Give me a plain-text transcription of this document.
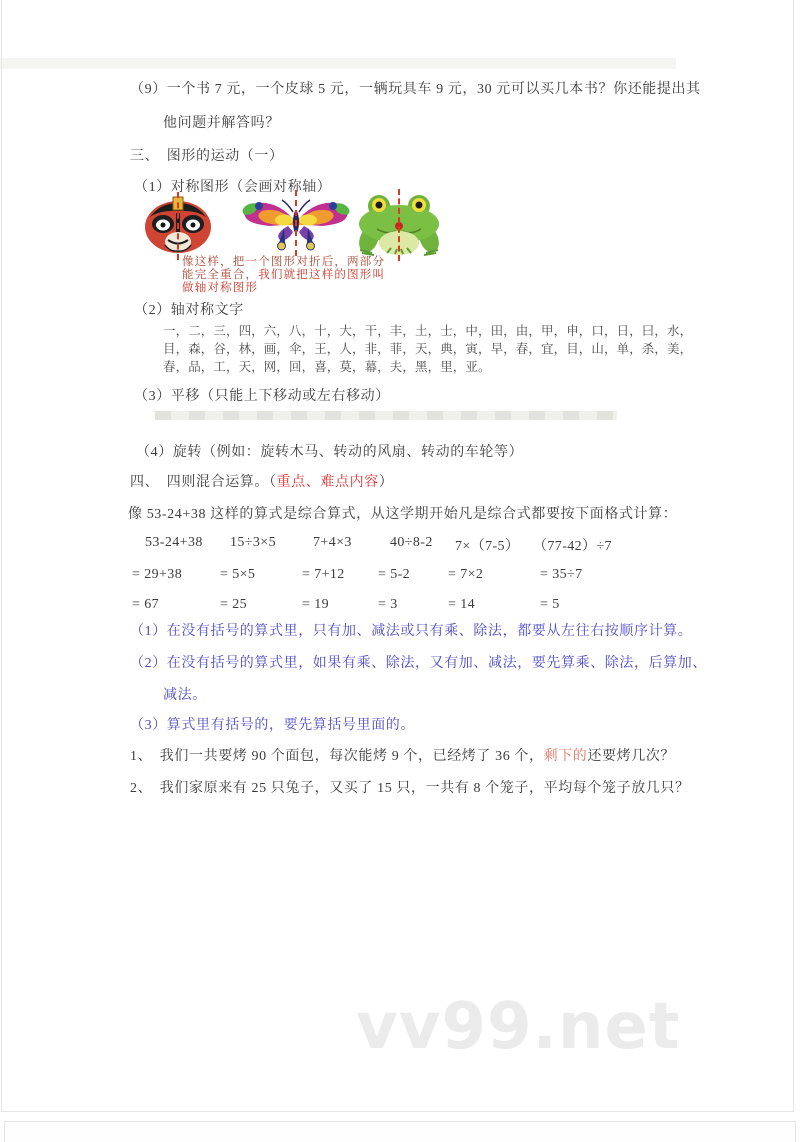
（9）一个书 7 元，一个皮球 5 元，一辆玩具车 9 元，30 元可以买几本书？你还能提出其
他问题并解答吗？
三、　图形的运动（一）
（1）对称图形（会画对称轴）
像这样，把一个图形对折后，两部分
能完全重合，我们就把这样的图形叫
做轴对称图形
（2）轴对称文字
一，二，三，四，六，八，十，大，干，丰，土，士，中，田，由，甲，申，口，日，曰，水，
目，森，谷，林，画，伞，王，人，非，菲，天，典，寅，早，春，宜，目，山，单，杀，美，
春，品，工，天，网，回，喜，莫，幕，夫，黑，里，亚。
（3）平移（只能上下移动或左右移动）
（4）旋转（例如：旋转木马、转动的风扇、转动的车轮等）
四、　四则混合运算。（重点、难点内容）
像 53-24+38 这样的算式是综合算式，从这学期开始凡是综合式都要按下面格式计算：
53-24+38 15÷3×5	7+4×3	40÷8-2 7×（7-5） （77-42）÷7
= 29+38	= 5×5	= 7+12 = 5-2	= 7×2	= 35÷7
= 67	= 25	= 19	= 3	= 14	= 5
（1）在没有括号的算式里，只有加、减法或只有乘、除法，都要从左往右按顺序计算。
（2）在没有括号的算式里，如果有乘、除法，又有加、减法，要先算乘、除法，后算加、
减法。
（3）算式里有括号的，要先算括号里面的。
1、　我们一共要烤 90 个面包，每次能烤 9 个，已经烤了 36 个，剩下的还要烤几次？
2、　我们家原来有 25 只兔子，又买了 15 只，一共有 8 个笼子，平均每个笼子放几只？
vv99.net
